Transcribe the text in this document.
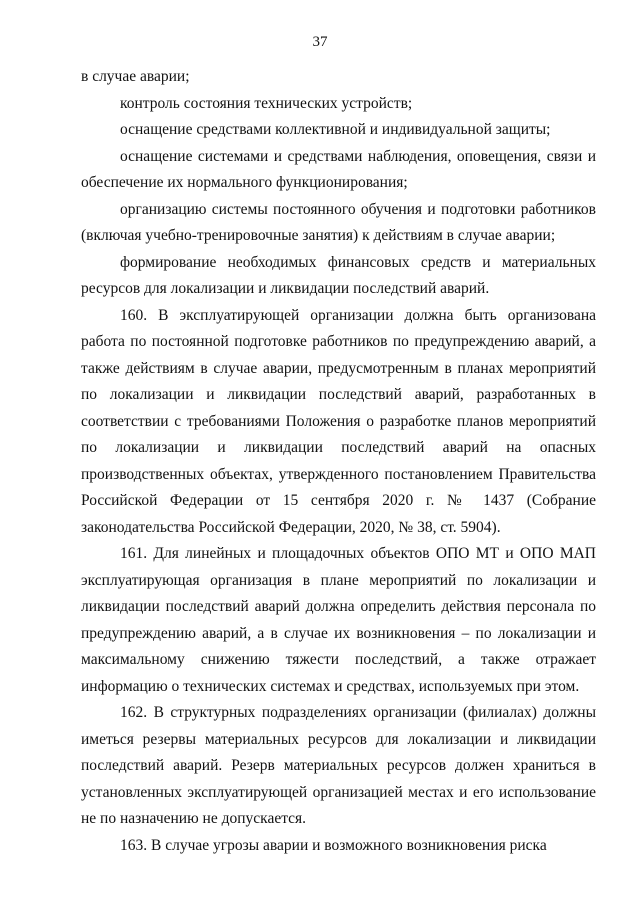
37

в случае аварии;

контроль состояния технических устройств;

оснащение средствами коллективной и индивидуальной защиты;

оснащение системами и средствами наблюдения, оповещения, связи и обеспечение их нормального функционирования;

организацию системы постоянного обучения и подготовки работников (включая учебно-тренировочные занятия) к действиям в случае аварии;

формирование необходимых финансовых средств и материальных ресурсов для локализации и ликвидации последствий аварий.

160. В эксплуатирующей организации должна быть организована работа по постоянной подготовке работников по предупреждению аварий, а также действиям в случае аварии, предусмотренным в планах мероприятий по локализации и ликвидации последствий аварий, разработанных в соответствии с требованиями Положения о разработке планов мероприятий по локализации и ликвидации последствий аварий на опасных производственных объектах, утвержденного постановлением Правительства Российской Федерации от 15 сентября 2020 г. № 1437 (Собрание законодательства Российской Федерации, 2020, № 38, ст. 5904).

161. Для линейных и площадочных объектов ОПО МТ и ОПО МАП эксплуатирующая организация в плане мероприятий по локализации и ликвидации последствий аварий должна определить действия персонала по предупреждению аварий, а в случае их возникновения – по локализации и максимальному снижению тяжести последствий, а также отражает информацию о технических системах и средствах, используемых при этом.

162. В структурных подразделениях организации (филиалах) должны иметься резервы материальных ресурсов для локализации и ликвидации последствий аварий. Резерв материальных ресурсов должен храниться в установленных эксплуатирующей организацией местах и его использование не по назначению не допускается.

163. В случае угрозы аварии и возможного возникновения риска
